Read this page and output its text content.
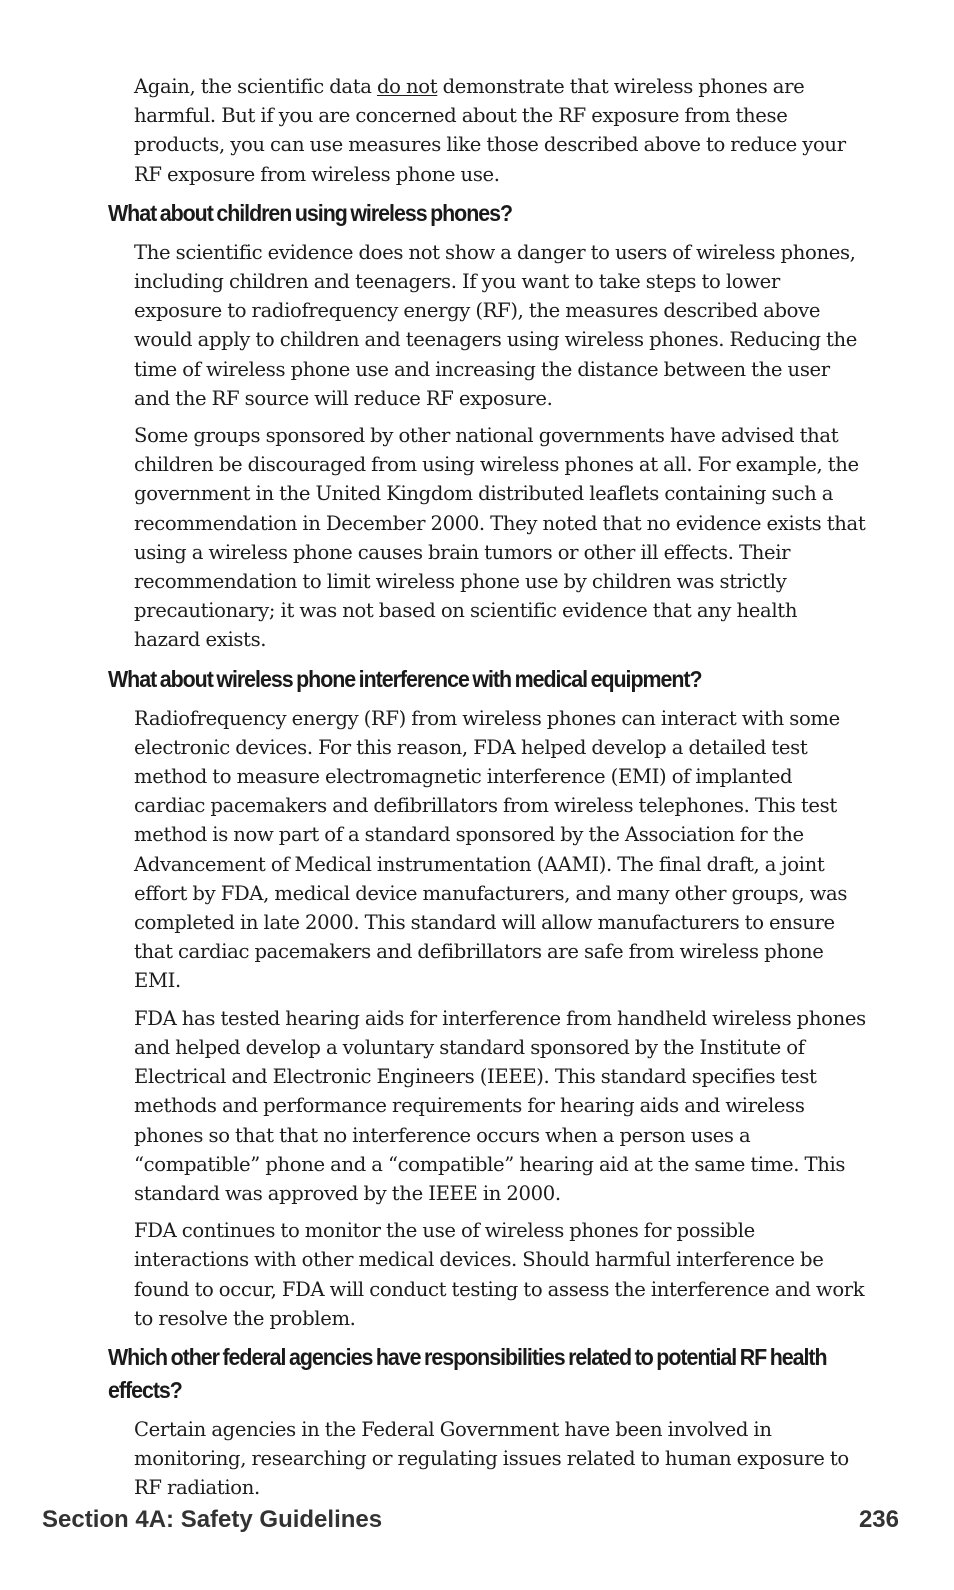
Again, the scientific data do not demonstrate that wireless phones are harmful. But if you are concerned about the RF exposure from these products, you can use measures like those described above to reduce your RF exposure from wireless phone use.

What about children using wireless phones?

The scientific evidence does not show a danger to users of wireless phones, including children and teenagers. If you want to take steps to lower exposure to radiofrequency energy (RF), the measures described above would apply to children and teenagers using wireless phones. Reducing the time of wireless phone use and increasing the distance between the user and the RF source will reduce RF exposure.

Some groups sponsored by other national governments have advised that children be discouraged from using wireless phones at all. For example, the government in the United Kingdom distributed leaflets containing such a recommendation in December 2000. They noted that no evidence exists that using a wireless phone causes brain tumors or other ill effects. Their recommendation to limit wireless phone use by children was strictly precautionary; it was not based on scientific evidence that any health hazard exists.

What about wireless phone interference with medical equipment?

Radiofrequency energy (RF) from wireless phones can interact with some electronic devices. For this reason, FDA helped develop a detailed test method to measure electromagnetic interference (EMI) of implanted cardiac pacemakers and defibrillators from wireless telephones. This test method is now part of a standard sponsored by the Association for the Advancement of Medical instrumentation (AAMI). The final draft, a joint effort by FDA, medical device manufacturers, and many other groups, was completed in late 2000. This standard will allow manufacturers to ensure that cardiac pacemakers and defibrillators are safe from wireless phone EMI.

FDA has tested hearing aids for interference from handheld wireless phones and helped develop a voluntary standard sponsored by the Institute of Electrical and Electronic Engineers (IEEE). This standard specifies test methods and performance requirements for hearing aids and wireless phones so that that no interference occurs when a person uses a “compatible” phone and a “compatible” hearing aid at the same time. This standard was approved by the IEEE in 2000.

FDA continues to monitor the use of wireless phones for possible interactions with other medical devices. Should harmful interference be found to occur, FDA will conduct testing to assess the interference and work to resolve the problem.

Which other federal agencies have responsibilities related to potential RF health effects?

Certain agencies in the Federal Government have been involved in monitoring, researching or regulating issues related to human exposure to RF radiation.

Section 4A: Safety Guidelines	236
